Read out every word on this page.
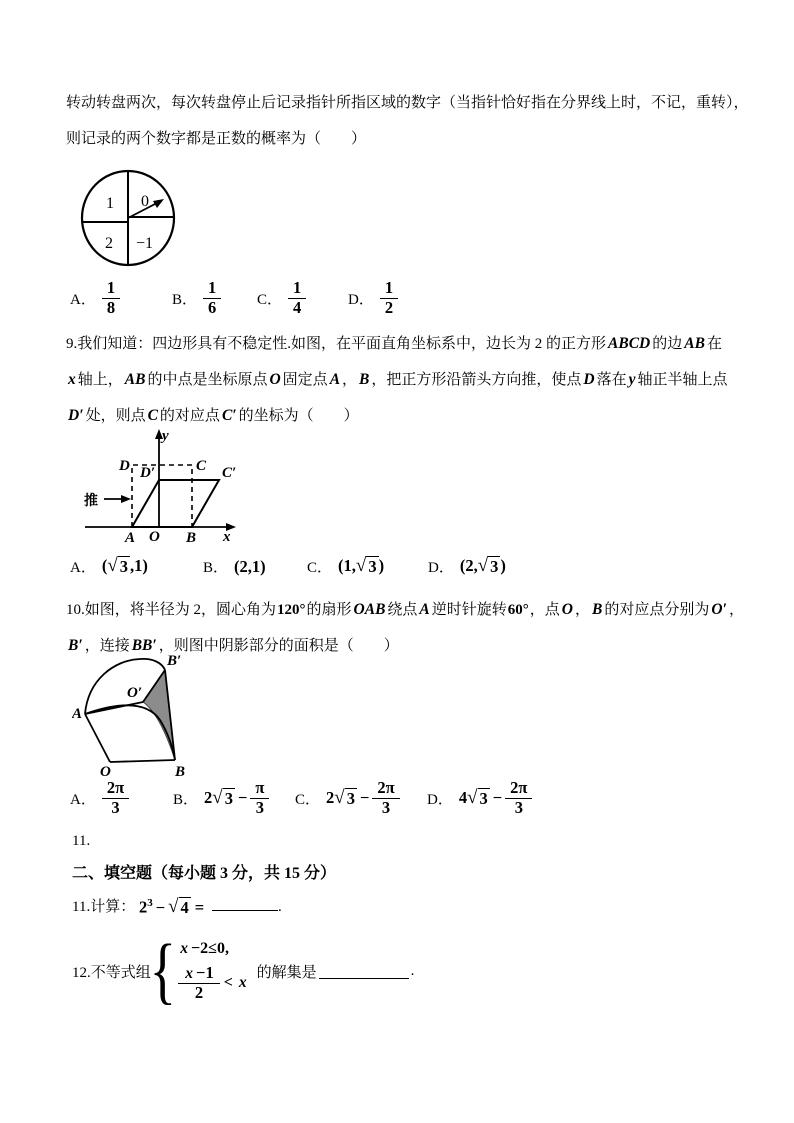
转动转盘两次，每次转盘停止后记录指针所指区域的数字（当指针恰好指在分界线上时，不记，重转），
则记录的两个数字都是正数的概率为（　　）
1 0
2 −1
A． $\frac{1}{8}$	B． $\frac{1}{6}$ C． $\frac{1}{4}$	D． $\frac{1}{2}$
9.我们知道：四边形具有不稳定性.如图，在平面直角坐标系中，边长为 2 的正方形 ABCD 的边 AB 在
x 轴上， AB 的中点是坐标原点 O 固定点 A ， B ，把正方形沿箭头方向推，使点 D 落在 y 轴正半轴上点
D′ 处，则点 C 的对应点 C′ 的坐标为（　　）
推
y
x
A O B
D	C
D′	C′
A． ( √ 3 ,1)	B． (2,1)	C． (1, √ 3 )	D． (2, √ 3 )
10.如图，将半径为 2，圆心角为120°的扇形 OAB 绕点 A 逆时针旋转60°，点 O ， B 的对应点分别为 O′ ，
B′ ，连接 BB′ ，则图中阴影部分的面积是（　　）
A
O	B
O′
B′
A． $\frac{2\pi}{3}$	B． 2 √ $3 - \frac{\pi}{3}$ C． 2 √ $3 - \frac{2\pi}{3}$ D． 4 √ $3 - \frac{2\pi}{3}$
11.
二、填空题（每小题 3 分，共 15 分）
11.计算： $2^3$ − √ 4 =	.
12.不等式组
{ x −2≤0,
$\frac{x -1}{2} < x$
的解集是	.
